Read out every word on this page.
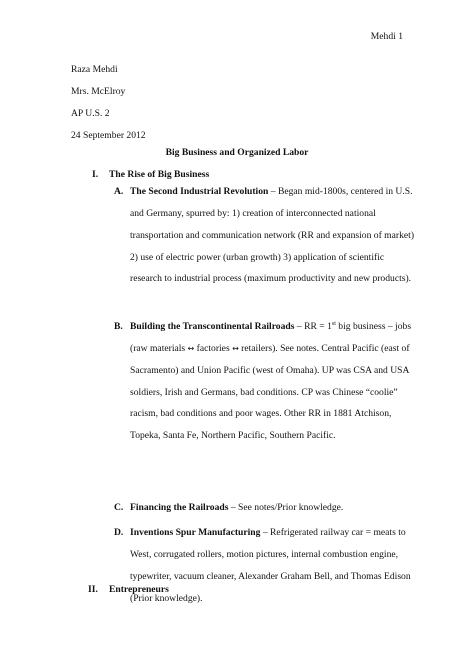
Mehdi 1
Raza Mehdi
Mrs. McElroy
AP U.S. 2
24 September 2012
Big Business and Organized Labor
I. The Rise of Big Business
A. The Second Industrial Revolution – Began mid-1800s, centered in U.S. and Germany, spurred by: 1) creation of interconnected national transportation and communication network (RR and expansion of market) 2) use of electric power (urban growth) 3) application of scientific research to industrial process (maximum productivity and new products).
B. Building the Transcontinental Railroads – RR = 1st big business – jobs (raw materials ↔ factories ↔ retailers). See notes. Central Pacific (east of Sacramento) and Union Pacific (west of Omaha). UP was CSA and USA soldiers, Irish and Germans, bad conditions. CP was Chinese “coolie” racism, bad conditions and poor wages. Other RR in 1881 Atchison, Topeka, Santa Fe, Northern Pacific, Southern Pacific.
C. Financing the Railroads – See notes/Prior knowledge.
D. Inventions Spur Manufacturing – Refrigerated railway car = meats to West, corrugated rollers, motion pictures, internal combustion engine, typewriter, vacuum cleaner, Alexander Graham Bell, and Thomas Edison (Prior knowledge).
II. Entrepreneurs
